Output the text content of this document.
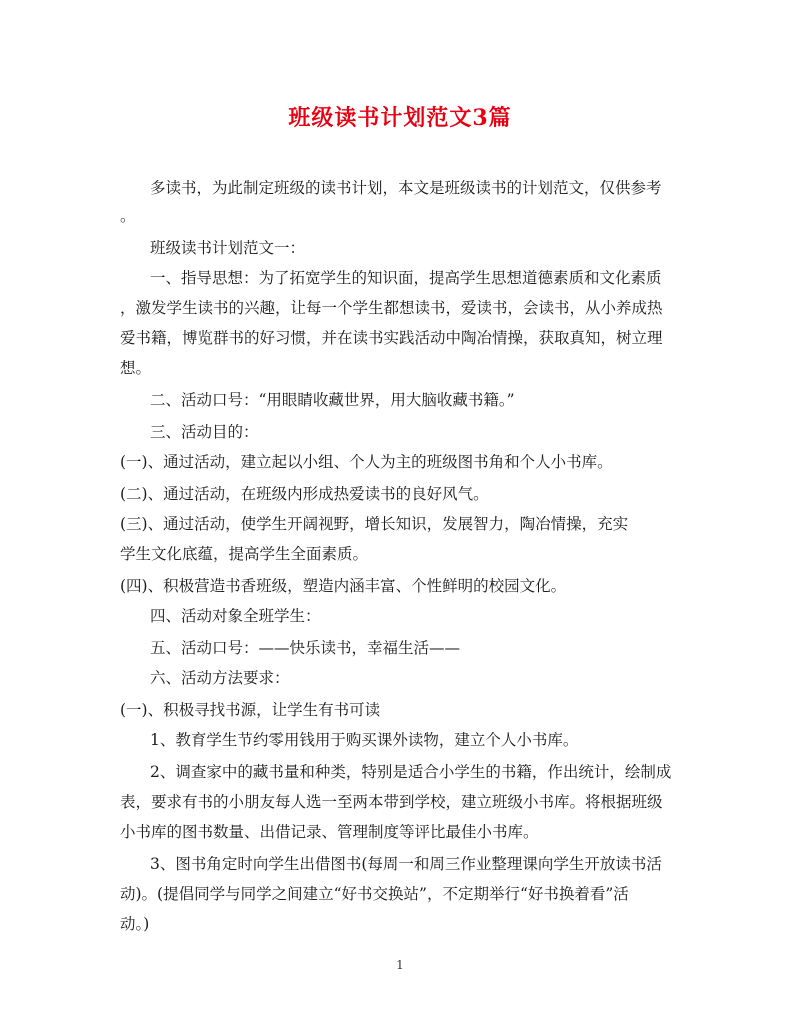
班级读书计划范文3篇

多读书，为此制定班级的读书计划，本文是班级读书的计划范文，仅供参考

。

班级读书计划范文一：

一、指导思想：为了拓宽学生的知识面，提高学生思想道德素质和文化素质

，激发学生读书的兴趣，让每一个学生都想读书，爱读书，会读书，从小养成热

爱书籍，博览群书的好习惯，并在读书实践活动中陶冶情操，获取真知，树立理

想。

二、活动口号：“用眼睛收藏世界，用大脑收藏书籍。”

三、活动目的：

(一)、通过活动，建立起以小组、个人为主的班级图书角和个人小书库。

(二)、通过活动，在班级内形成热爱读书的良好风气。

(三)、通过活动，使学生开阔视野，增长知识，发展智力，陶冶情操，充实

学生文化底蕴，提高学生全面素质。

(四)、积极营造书香班级，塑造内涵丰富、个性鲜明的校园文化。

四、活动对象全班学生：

五、活动口号：——快乐读书，幸福生活——

六、活动方法要求：

(一)、积极寻找书源，让学生有书可读

1、教育学生节约零用钱用于购买课外读物，建立个人小书库。

2、调查家中的藏书量和种类，特别是适合小学生的书籍，作出统计，绘制成

表，要求有书的小朋友每人选一至两本带到学校，建立班级小书库。将根据班级

小书库的图书数量、出借记录、管理制度等评比最佳小书库。

3、图书角定时向学生出借图书(每周一和周三作业整理课向学生开放读书活

动)。(提倡同学与同学之间建立“好书交换站”，不定期举行“好书换着看”活

动。)

1
